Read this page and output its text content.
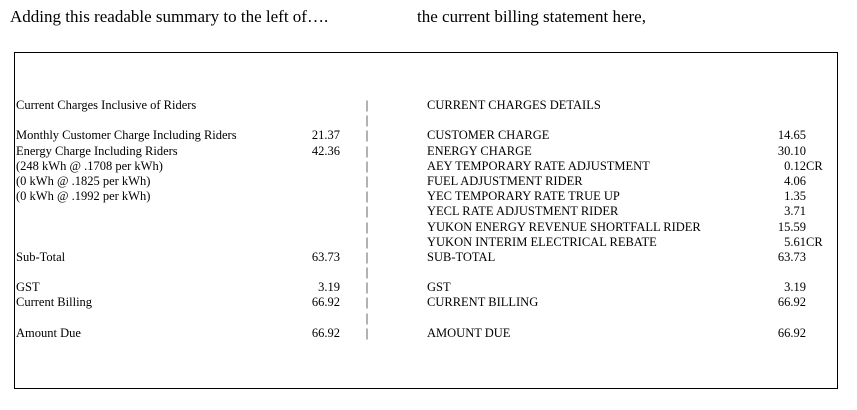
Adding this readable summary to the left of….	the current billing statement here,
Current Charges Inclusive of Riders	|	CURRENT CHARGES DETAILS
|
Monthly Customer Charge Including Riders	21.37	|	CUSTOMER CHARGE	14.65
Energy Charge Including Riders	42.36	|	ENERGY CHARGE	30.10
(248 kWh @ .1708 per kWh)	|	AEY TEMPORARY RATE ADJUSTMENT	0.12 CR
(0 kWh @ .1825 per kWh)	|	FUEL ADJUSTMENT RIDER	4.06
(0 kWh @ .1992 per kWh)	|	YEC TEMPORARY RATE TRUE UP	1.35
|	YECL RATE ADJUSTMENT RIDER	3.71
|	YUKON ENERGY REVENUE SHORTFALL RIDER	15.59
|	YUKON INTERIM ELECTRICAL REBATE	5.61 CR
Sub-Total	63.73	|	SUB-TOTAL	63.73
|
GST	3.19	|	GST	3.19
Current Billing	66.92	|	CURRENT BILLING	66.92
|
Amount Due	66.92	|	AMOUNT DUE	66.92
